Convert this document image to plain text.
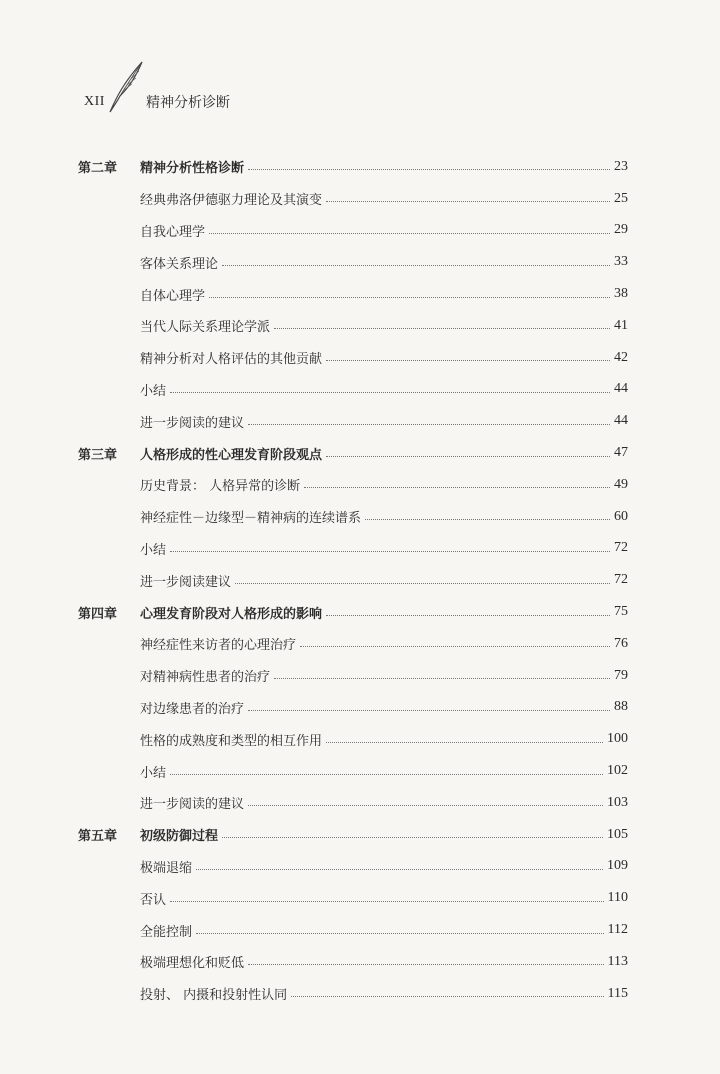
XII	精神分析诊断
第二章	精神分析性格诊断	23
经典弗洛伊德驱力理论及其演变	25
自我心理学	29
客体关系理论	33
自体心理学	38
当代人际关系理论学派	41
精神分析对人格评估的其他贡献	42
小结	44
进一步阅读的建议	44
第三章	人格形成的性心理发育阶段观点	47
历史背景： 人格异常的诊断	49
神经症性－边缘型－精神病的连续谱系	60
小结	72
进一步阅读建议	72
第四章	心理发育阶段对人格形成的影响	75
神经症性来访者的心理治疗	76
对精神病性患者的治疗	79
对边缘患者的治疗	88
性格的成熟度和类型的相互作用	100
小结	102
进一步阅读的建议	103
第五章	初级防御过程	105
极端退缩	109
否认	110
全能控制	112
极端理想化和贬低	113
投射、 内摄和投射性认同	115
